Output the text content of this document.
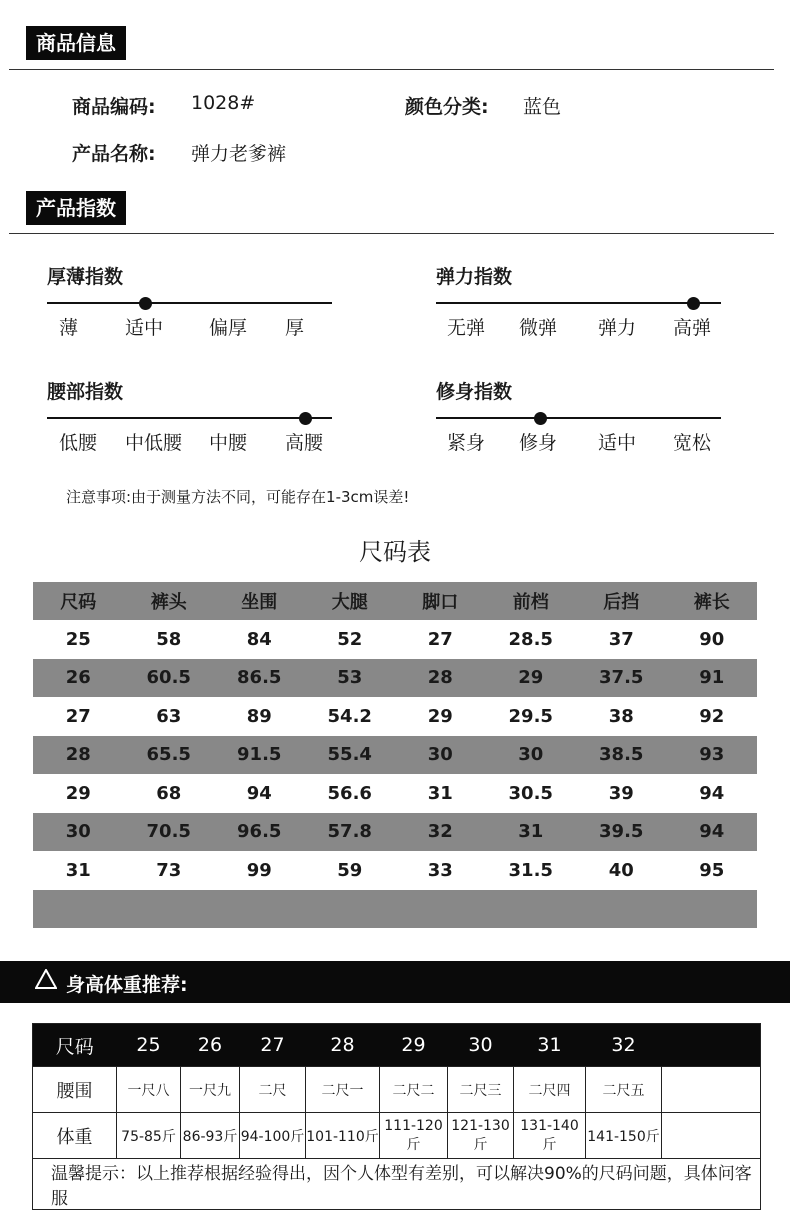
商品信息
商品编码: 1028#	颜色分类: 蓝色
产品名称: 弹力老爹裤
产品指数
厚薄指数
薄 适中 偏厚 厚
弹力指数
无弹 微弹 弹力 高弹
腰部指数
低腰 中低腰 中腰 高腰
修身指数
紧身 修身 适中 宽松
注意事项:由于测量方法不同，可能存在1-3cm误差!
尺码表
尺码	裤头	坐围	大腿	脚口	前档	后挡	裤长
25	58	84	52	27	28.5	37	90
26	60.5	86.5	53	28	29	37.5	91
27	63	89	54.2	29	29.5	38	92
28	65.5	91.5	55.4	30	30	38.5	93
29	68	94	56.6	31	30.5	39	94
30	70.5	96.5	57.8	32	31	39.5	94
31	73	99	59	33	31.5	40	95

身高体重推荐:
尺码	25	26	27	28	29	30	31	32	
腰围	一尺八	一尺九	二尺	二尺一	二尺二	二尺三	二尺四	二尺五	
体重	75-85斤	86-93斤	94-100斤	101-110斤	111-120斤	121-130斤	131-140斤	141-150斤	
温馨提示：以上推荐根据经验得出，因个人体型有差别，可以解决90%的尺码问题，具体问客服									
